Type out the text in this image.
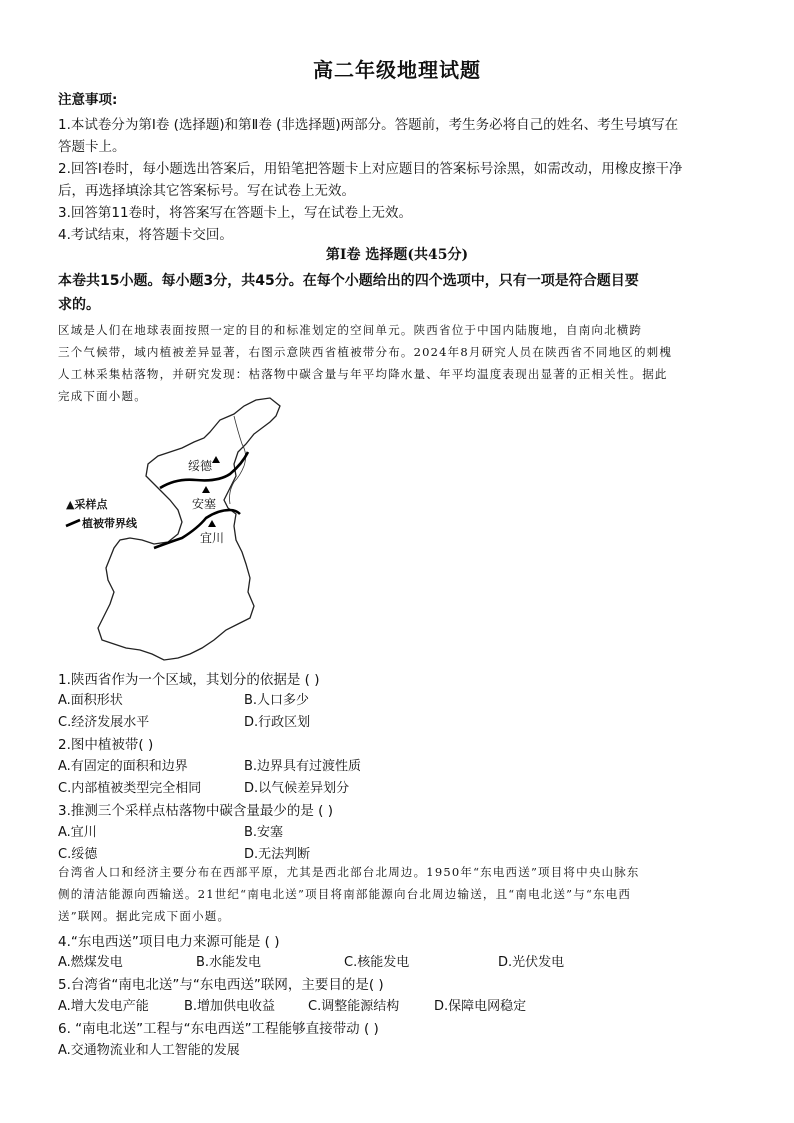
高二年级地理试题
注意事项:
1.本试卷分为第Ⅰ卷 (选择题)和第Ⅱ卷 (非选择题)两部分。答题前，考生务必将自己的姓名、考生号填写在
答题卡上。
2.回答Ⅰ卷时，每小题选出答案后，用铅笔把答题卡上对应题目的答案标号涂黑，如需改动，用橡皮擦干净
后，再选择填涂其它答案标号。写在试卷上无效。
3.回答第11卷时，将答案写在答题卡上，写在试卷上无效。
4.考试结束，将答题卡交回。
第Ⅰ卷 选择题(共45分)
本卷共15小题。每小题3分，共45分。在每个小题给出的四个选项中，只有一项是符合题目要
求的。
区域是人们在地球表面按照一定的目的和标准划定的空间单元。陕西省位于中国内陆腹地，自南向北横跨
三个气候带，域内植被差异显著，右图示意陕西省植被带分布。2024年8月研究人员在陕西省不同地区的刺槐
人工林采集枯落物，并研究发现：枯落物中碳含量与年平均降水量、年平均温度表现出显著的正相关性。据此
完成下面小题。
绥德
安塞
宜川
▲采样点
植被带界线
1.陕西省作为一个区域，其划分的依据是 ( )
A.面积形状	B.人口多少
C.经济发展水平	D.行政区划
2.图中植被带( )
A.有固定的面积和边界	B.边界具有过渡性质
C.内部植被类型完全相同	D.以气候差异划分
3.推测三个采样点枯落物中碳含量最少的是 ( )
A.宜川	B.安塞
C.绥德	D.无法判断
台湾省人口和经济主要分布在西部平原，尤其是西北部台北周边。1950年“东电西送”项目将中央山脉东
侧的清洁能源向西输送。21世纪“南电北送”项目将南部能源向台北周边输送，且“南电北送”与“东电西
送”联网。据此完成下面小题。
4.“东电西送”项目电力来源可能是 ( )
A.燃煤发电	B.水能发电	C.核能发电	D.光伏发电
5.台湾省“南电北送”与“东电西送”联网，主要目的是( )
A.增大发电产能	B.增加供电收益	C.调整能源结构	D.保障电网稳定
6. “南电北送”工程与“东电西送”工程能够直接带动 ( )
A.交通物流业和人工智能的发展
